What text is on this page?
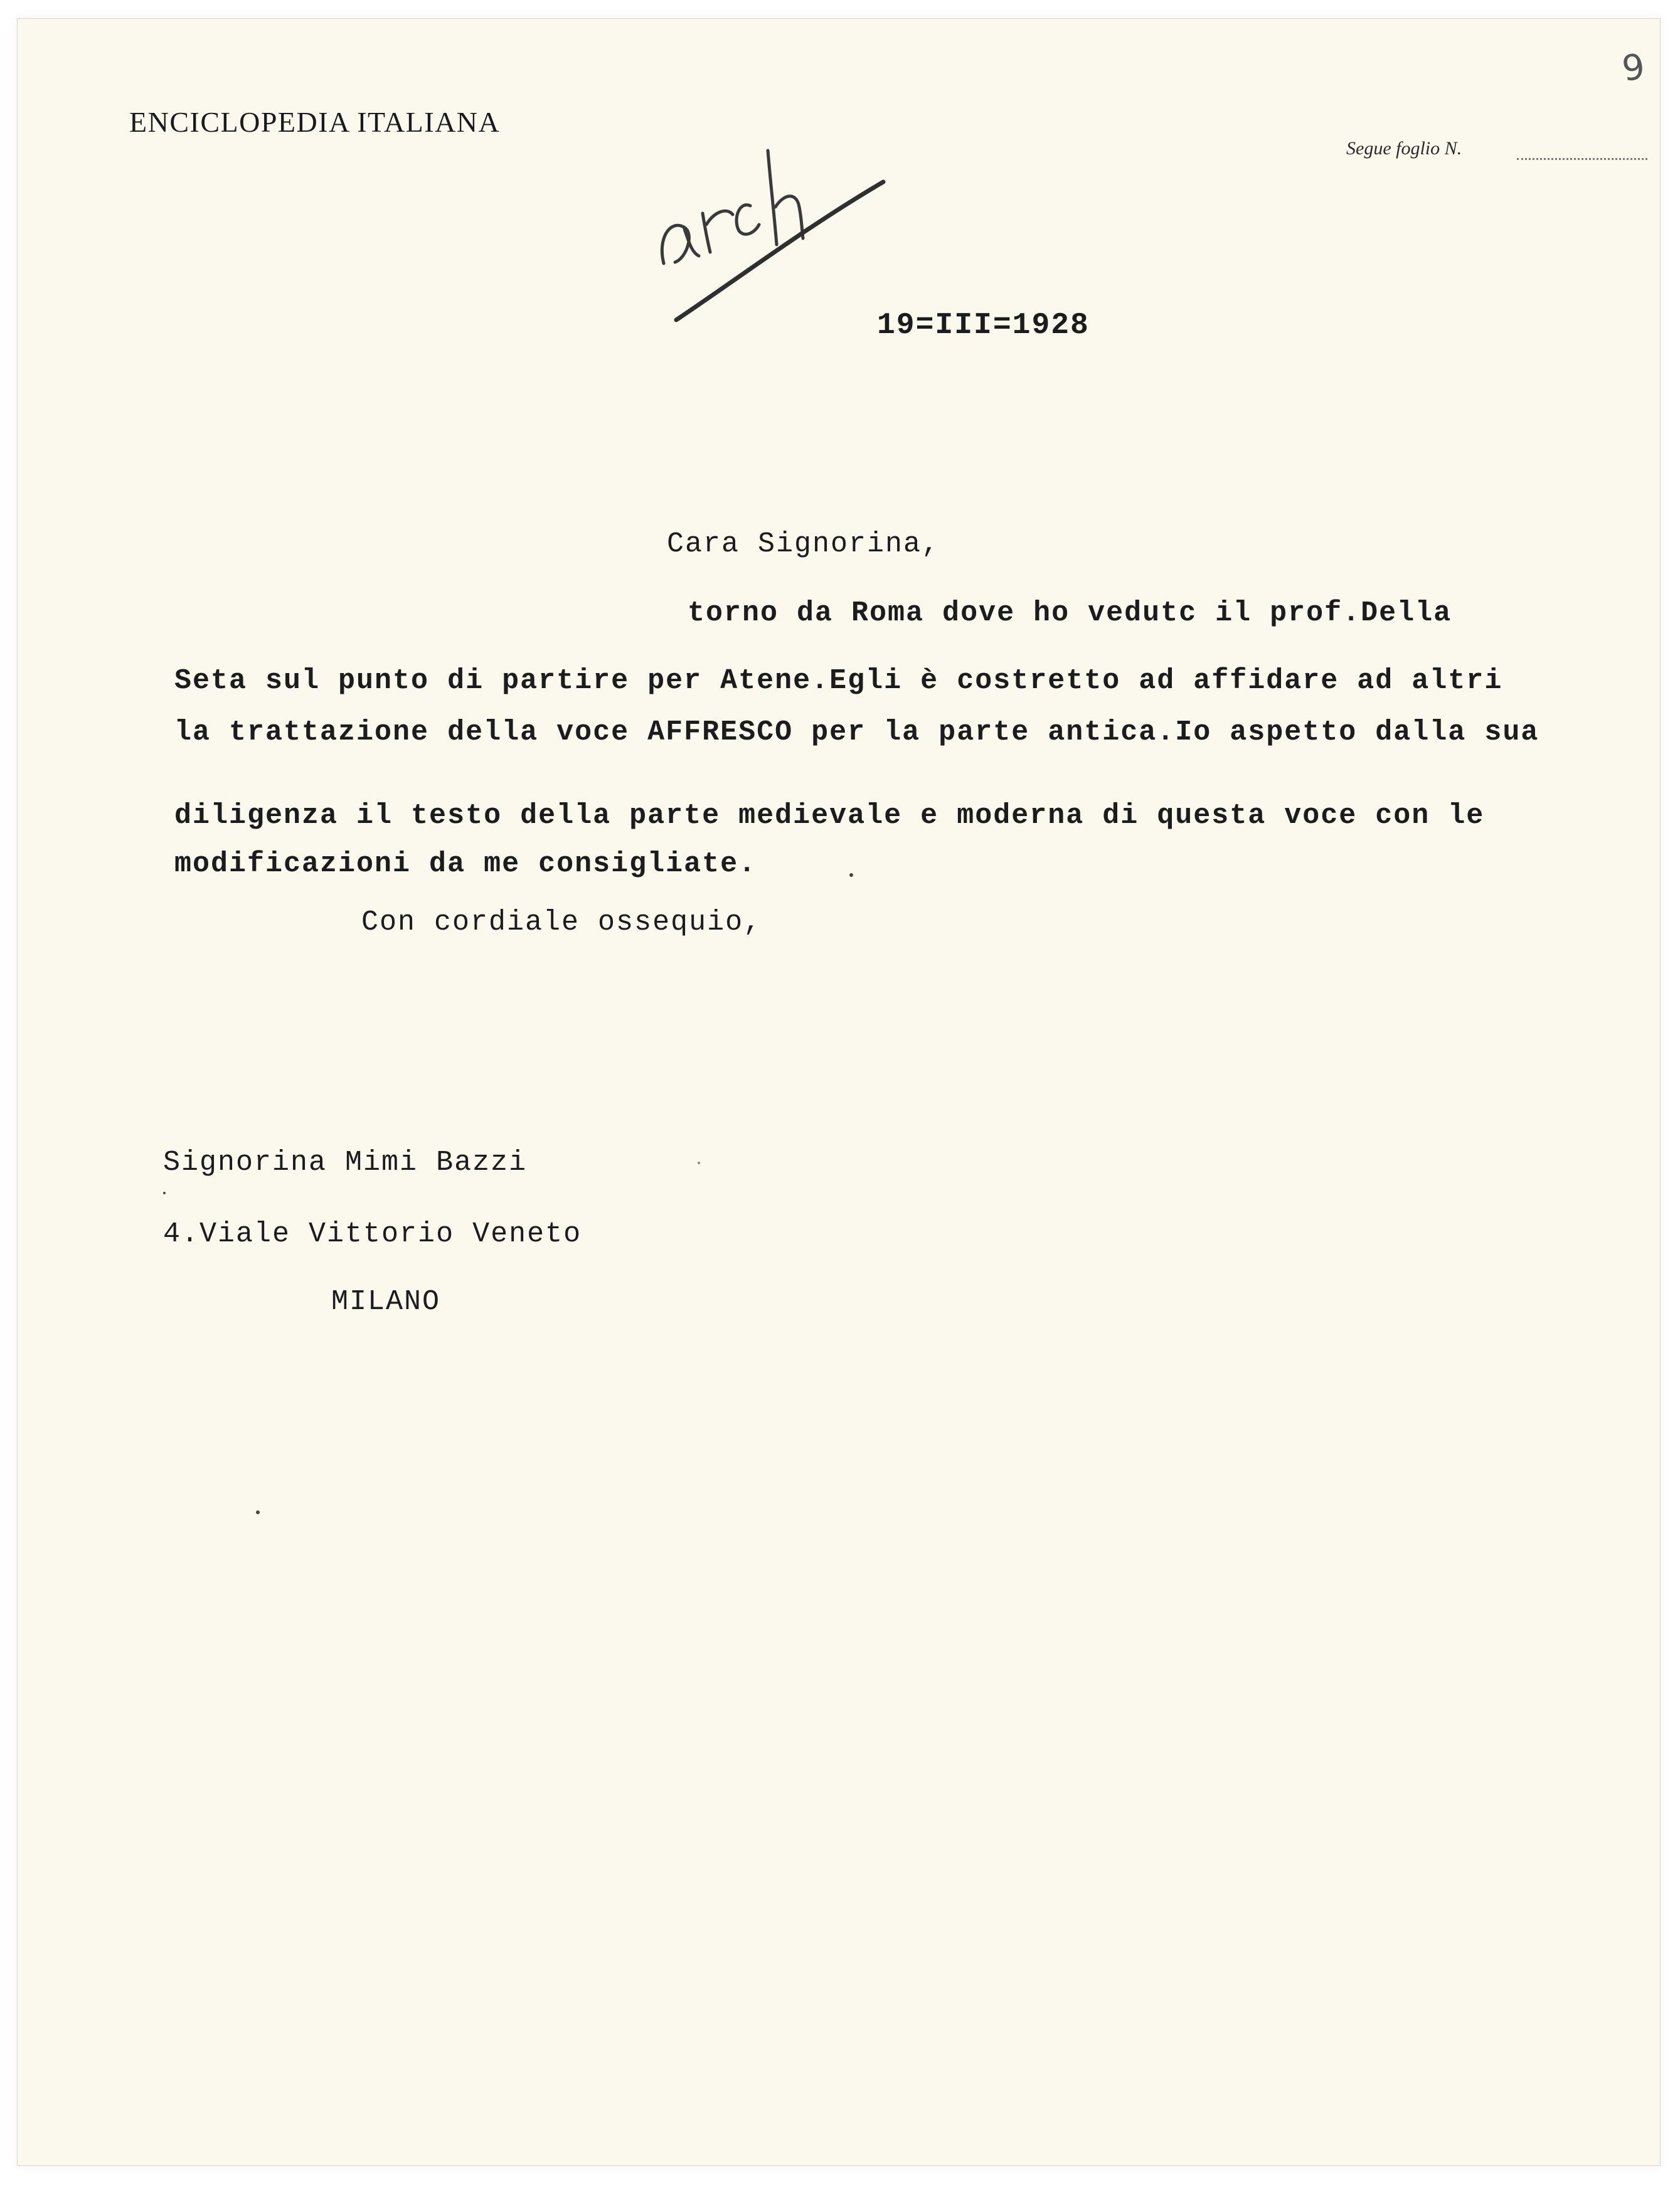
ENCICLOPEDIA ITALIANA
Segue foglio N.
9
19=III=1928
Cara Signorina,
torno da Roma dove ho vedutc il prof.Della
Seta sul punto di partire per Atene.Egli è costretto ad affidare ad altri
la trattazione della voce AFFRESCO per la parte antica.Io aspetto dalla sua
diligenza il testo della parte medievale e moderna di questa voce con le
modificazioni da me consigliate.
Con cordiale ossequio,
Signorina Mimi Bazzi
4.Viale Vittorio Veneto
MILANO
